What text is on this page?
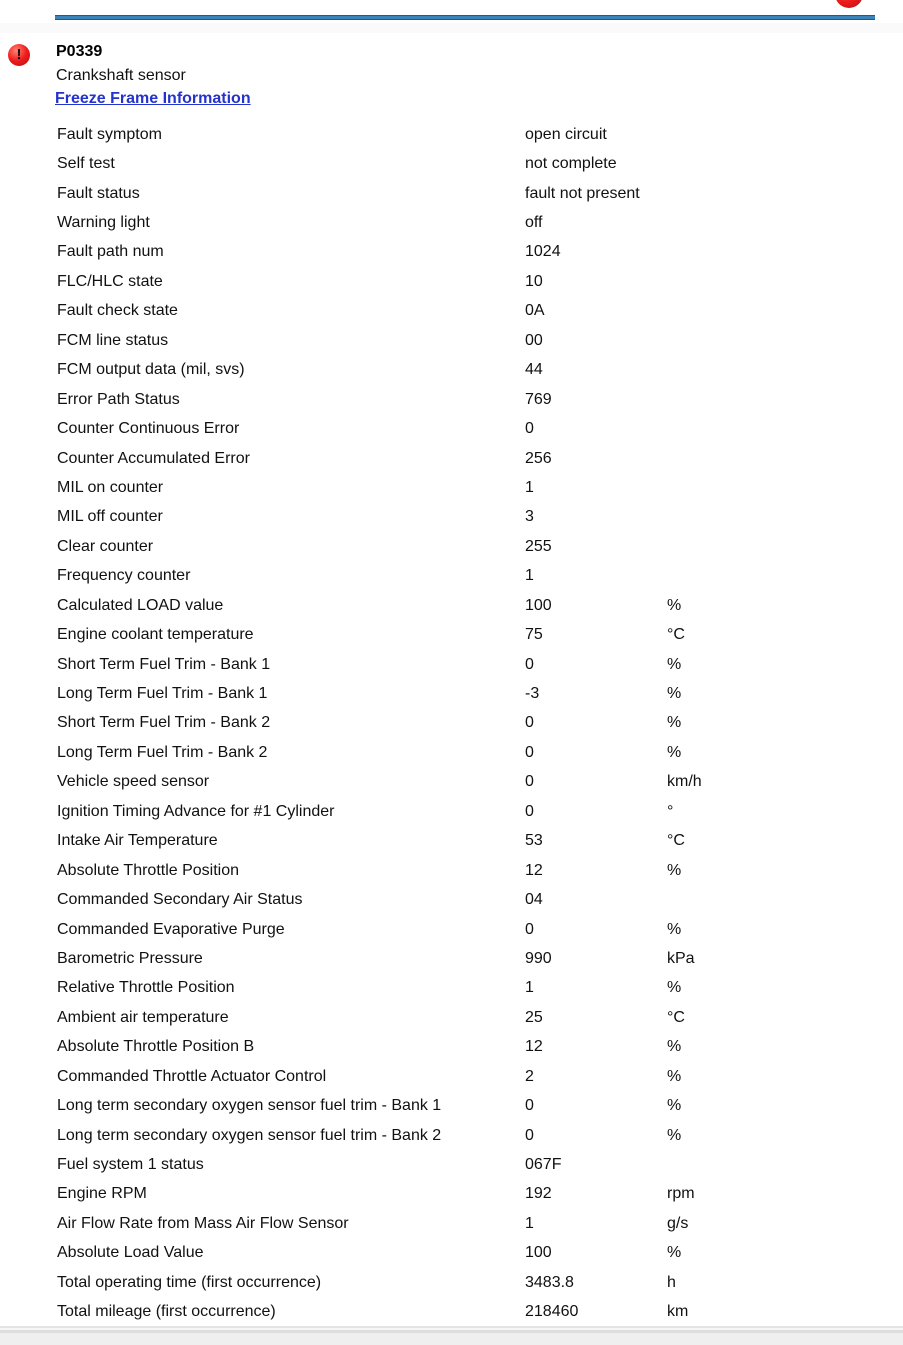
!	P0339
Crankshaft sensor
Freeze Frame Information
Fault symptom	open circuit
Self test	not complete
Fault status	fault not present
Warning light	off
Fault path num	1024
FLC/HLC state	10
Fault check state	0A
FCM line status	00
FCM output data (mil, svs)	44
Error Path Status	769
Counter Continuous Error	0
Counter Accumulated Error	256
MIL on counter	1
MIL off counter	3
Clear counter	255
Frequency counter	1
Calculated LOAD value	100	%
Engine coolant temperature	75	°C
Short Term Fuel Trim - Bank 1	0	%
Long Term Fuel Trim - Bank 1	-3	%
Short Term Fuel Trim - Bank 2	0	%
Long Term Fuel Trim - Bank 2	0	%
Vehicle speed sensor	0	km/h
Ignition Timing Advance for #1 Cylinder	0	°
Intake Air Temperature	53	°C
Absolute Throttle Position	12	%
Commanded Secondary Air Status	04
Commanded Evaporative Purge	0	%
Barometric Pressure	990	kPa
Relative Throttle Position	1	%
Ambient air temperature	25	°C
Absolute Throttle Position B	12	%
Commanded Throttle Actuator Control	2	%
Long term secondary oxygen sensor fuel trim - Bank 1	0	%
Long term secondary oxygen sensor fuel trim - Bank 2	0	%
Fuel system 1 status	067F
Engine RPM	192	rpm
Air Flow Rate from Mass Air Flow Sensor	1	g/s
Absolute Load Value	100	%
Total operating time (first occurrence)	3483.8	h
Total mileage (first occurrence)	218460	km
